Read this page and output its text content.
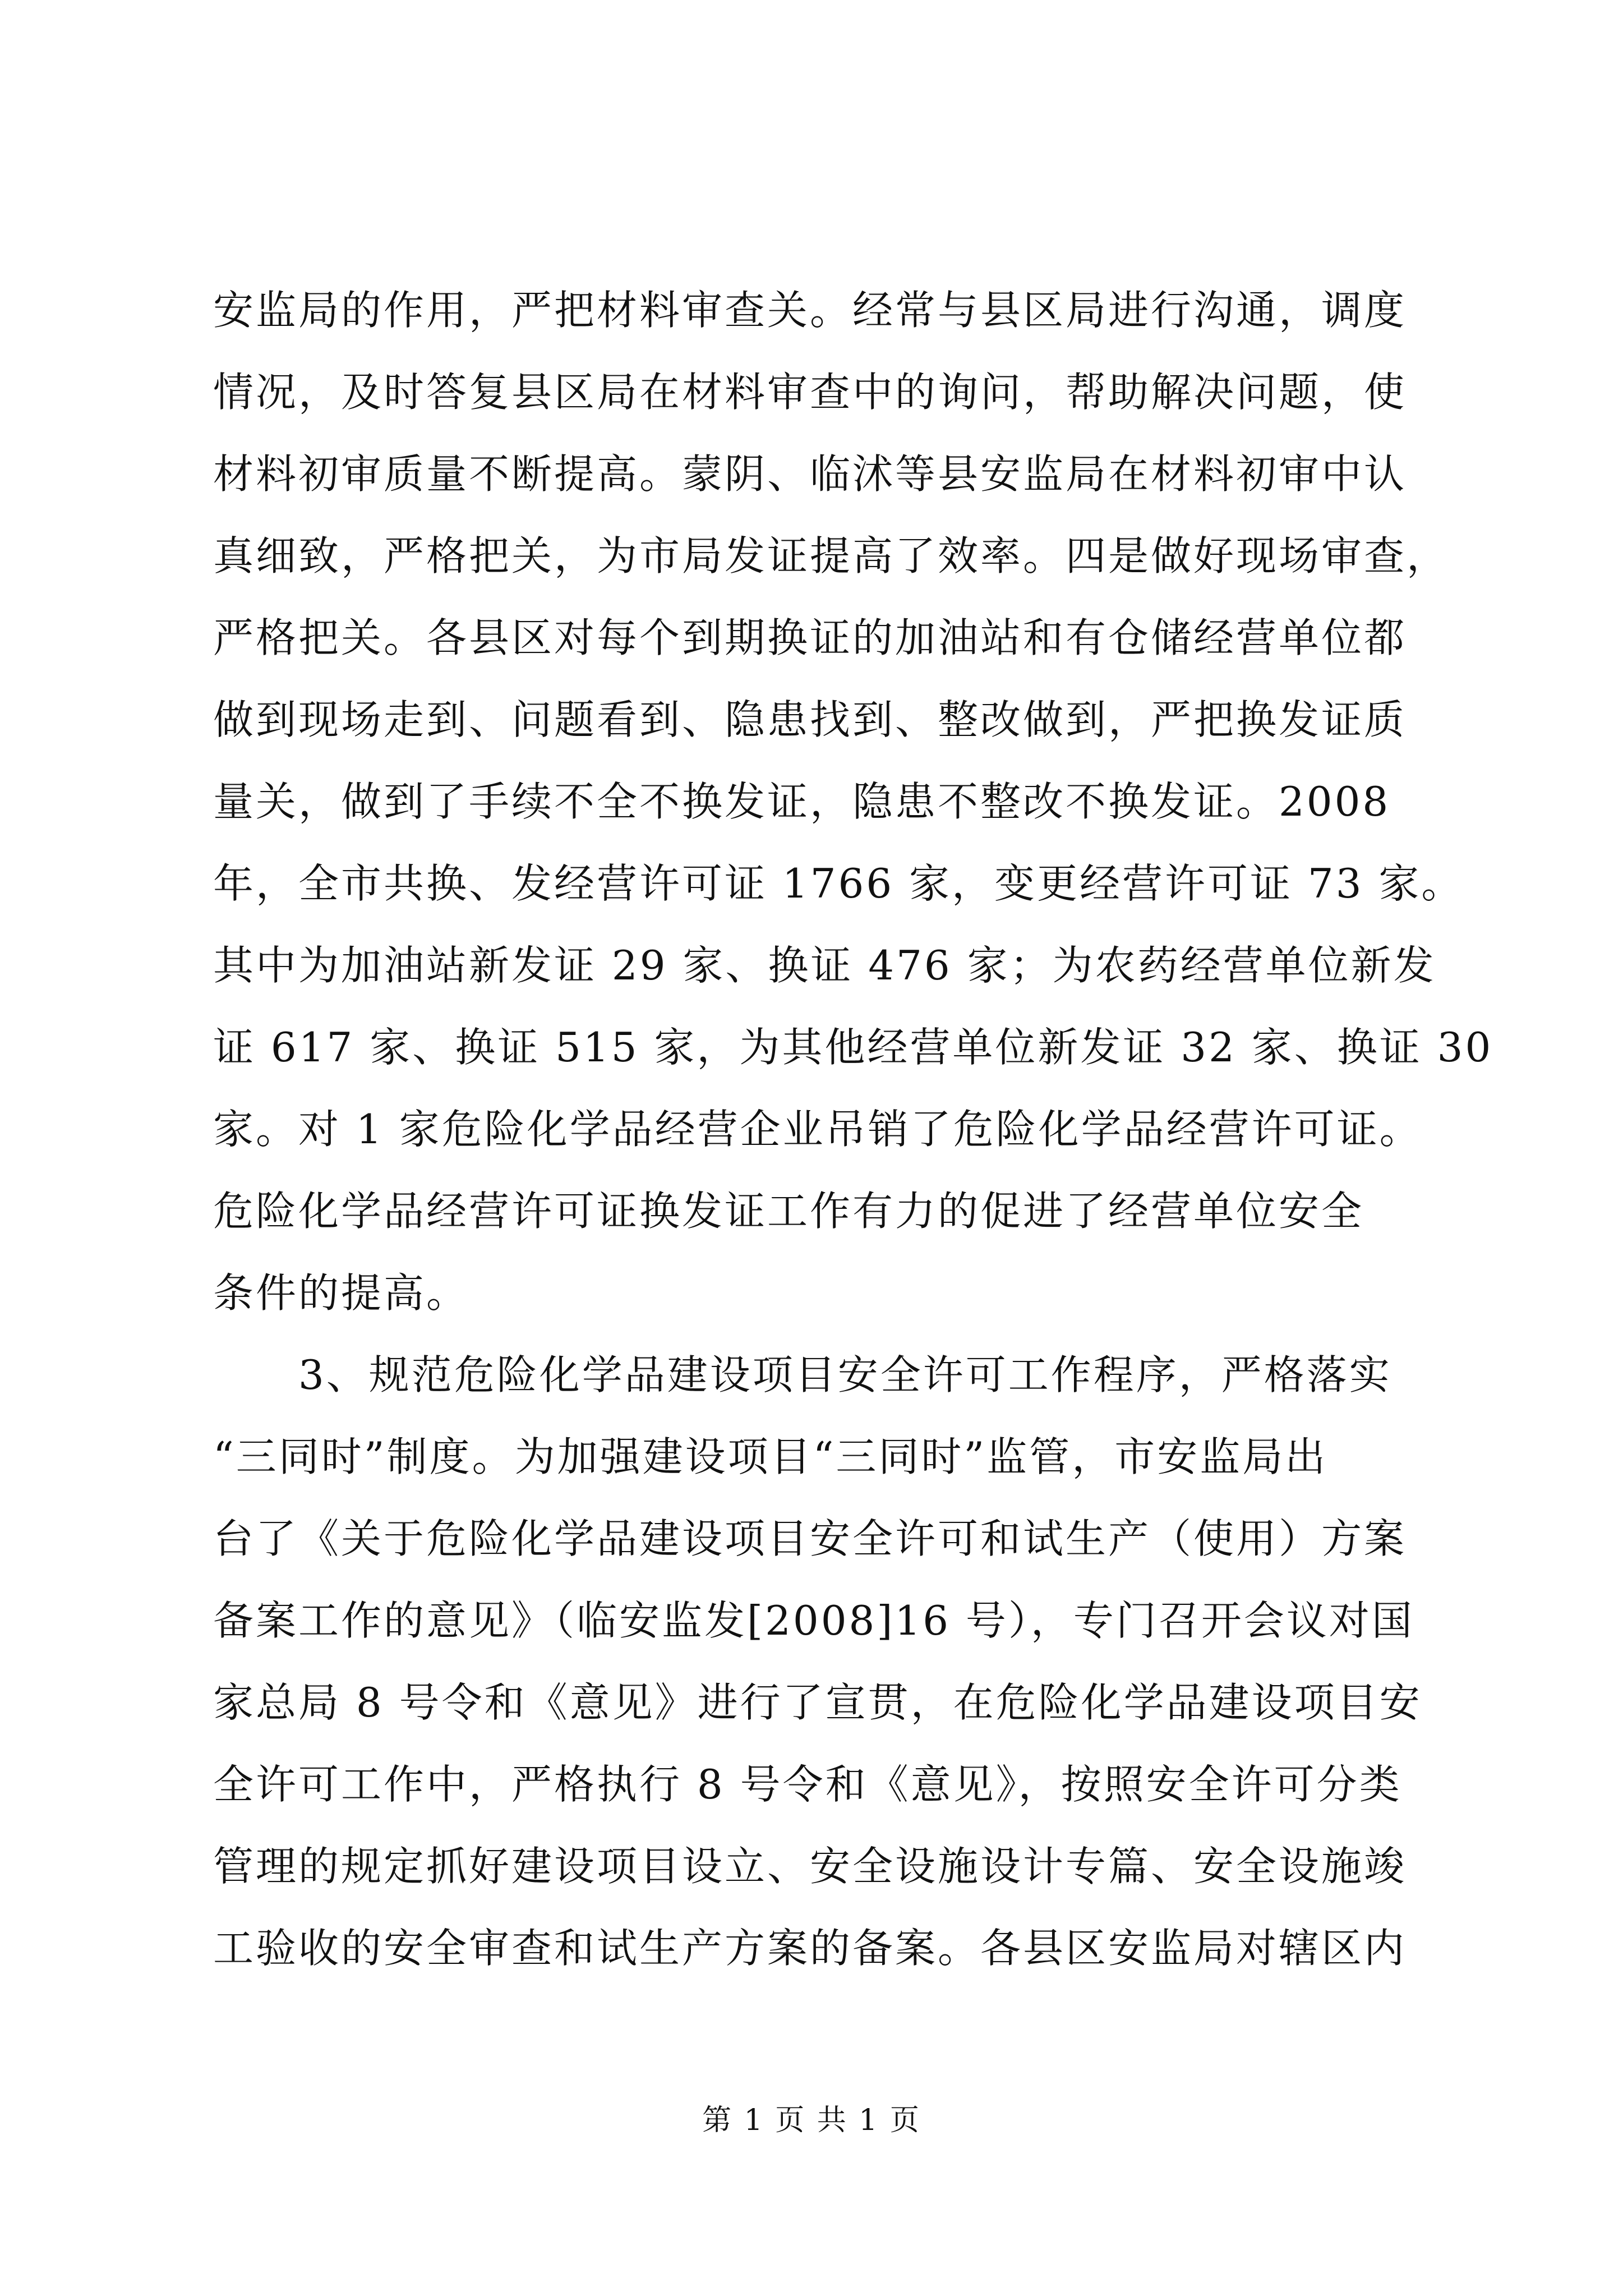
安监局的作用，严把材料审查关。经常与县区局进行沟通，调度
情况，及时答复县区局在材料审查中的询问，帮助解决问题，使
材料初审质量不断提高。蒙阴、临沭等县安监局在材料初审中认
真细致，严格把关，为市局发证提高了效率。四是做好现场审查，
严格把关。各县区对每个到期换证的加油站和有仓储经营单位都
做到现场走到、问题看到、隐患找到、整改做到，严把换发证质
量关，做到了手续不全不换发证，隐患不整改不换发证。2008
年，全市共换、发经营许可证 1766 家，变更经营许可证 73 家。
其中为加油站新发证 29 家、换证 476 家；为农药经营单位新发
证 617 家、换证 515 家，为其他经营单位新发证 32 家、换证 30
家。对 1 家危险化学品经营企业吊销了危险化学品经营许可证。
危险化学品经营许可证换发证工作有力的促进了经营单位安全
条件的提高。
　　3、规范危险化学品建设项目安全许可工作程序，严格落实
“三同时”制度。为加强建设项目“三同时”监管，市安监局出
台了《关于危险化学品建设项目安全许可和试生产（使用）方案
备案工作的意见》（临安监发[2008]16 号），专门召开会议对国
家总局 8 号令和《意见》进行了宣贯，在危险化学品建设项目安
全许可工作中，严格执行 8 号令和《意见》，按照安全许可分类
管理的规定抓好建设项目设立、安全设施设计专篇、安全设施竣
工验收的安全审查和试生产方案的备案。各县区安监局对辖区内
第 1 页 共 1 页
